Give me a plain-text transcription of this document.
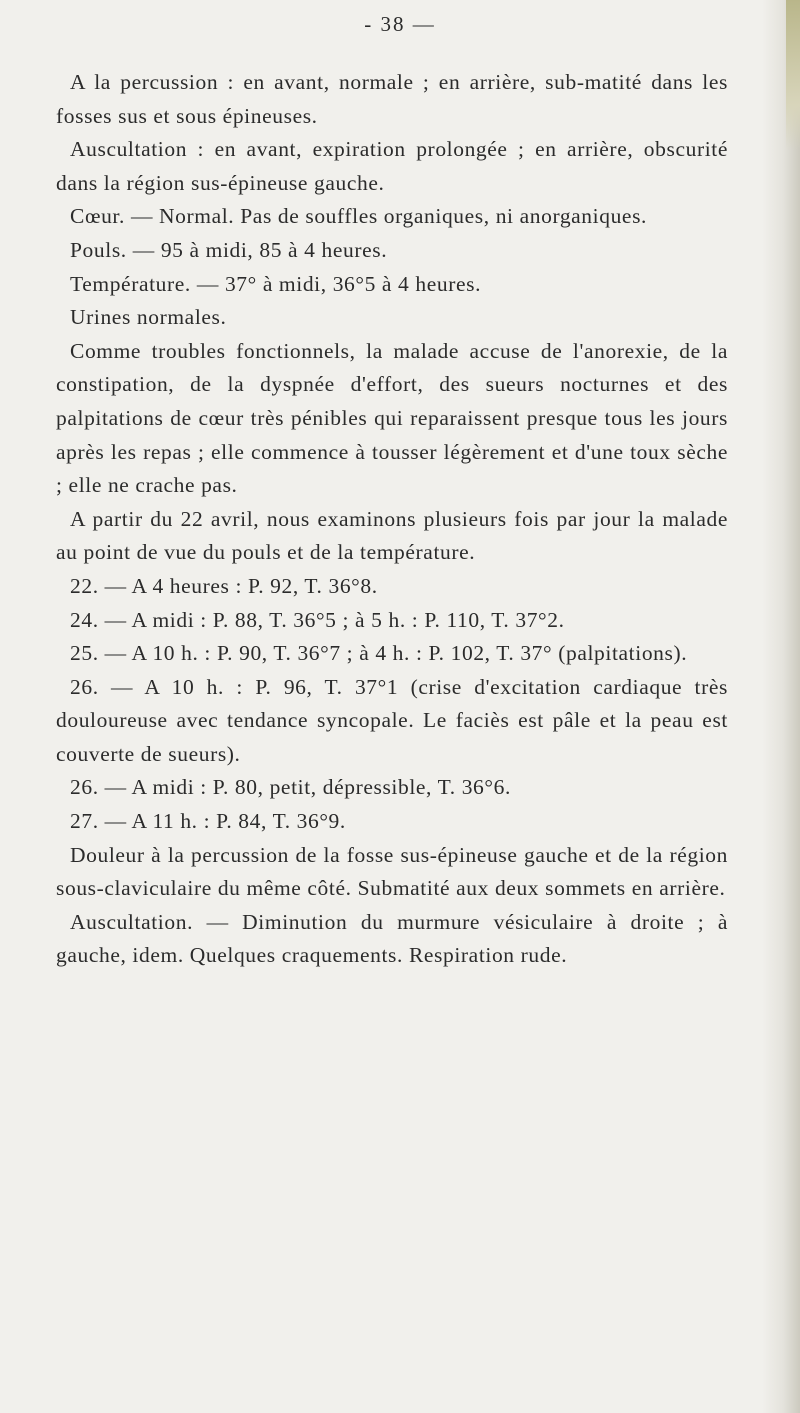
- 38 —

A la percussion : en avant, normale ; en arrière, sub-matité dans les fosses sus et sous épineuses.

Auscultation : en avant, expiration prolongée ; en arrière, obscurité dans la région sus-épineuse gauche.

Cœur. — Normal. Pas de souffles organiques, ni anorganiques.

Pouls. — 95 à midi, 85 à 4 heures.

Température. — 37° à midi, 36°5 à 4 heures.

Urines normales.

Comme troubles fonctionnels, la malade accuse de l'anorexie, de la constipation, de la dyspnée d'effort, des sueurs nocturnes et des palpitations de cœur très pénibles qui reparaissent presque tous les jours après les repas ; elle commence à tousser légèrement et d'une toux sèche ; elle ne crache pas.

A partir du 22 avril, nous examinons plusieurs fois par jour la malade au point de vue du pouls et de la température.

22. — A 4 heures : P. 92, T. 36°8.

24. — A midi : P. 88, T. 36°5 ; à 5 h. : P. 110, T. 37°2.

25. — A 10 h. : P. 90, T. 36°7 ; à 4 h. : P. 102, T. 37° (palpitations).

26. — A 10 h. : P. 96, T. 37°1 (crise d'excitation cardiaque très douloureuse avec tendance syncopale. Le faciès est pâle et la peau est couverte de sueurs).

26. — A midi : P. 80, petit, dépressible, T. 36°6.

27. — A 11 h. : P. 84, T. 36°9.

Douleur à la percussion de la fosse sus-épineuse gauche et de la région sous-claviculaire du même côté. Submatité aux deux sommets en arrière.

Auscultation. — Diminution du murmure vésiculaire à droite ; à gauche, idem. Quelques craquements. Respiration rude.
